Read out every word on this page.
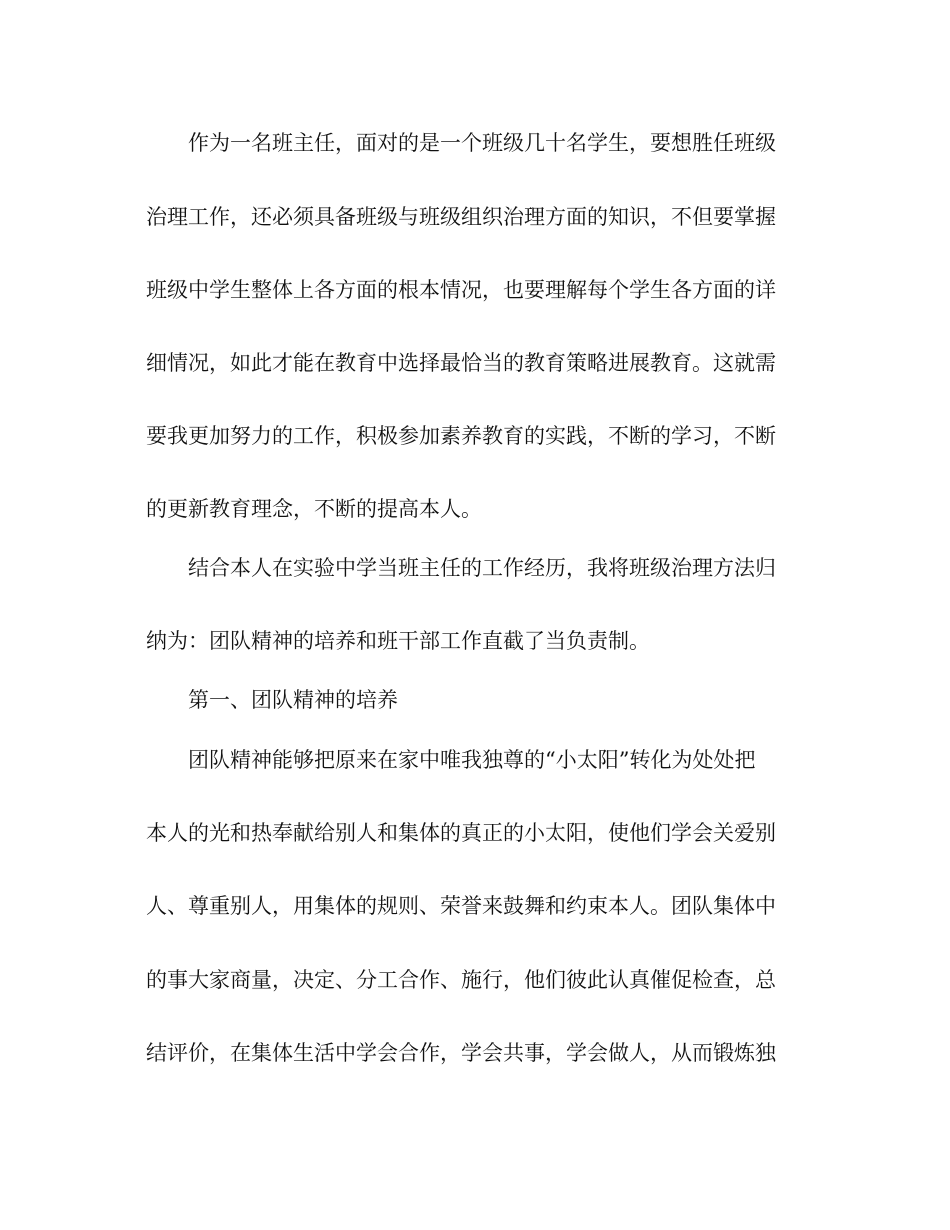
作为一名班主任，面对的是一个班级几十名学生，要想胜任班级
治理工作，还必须具备班级与班级组织治理方面的知识，不但要掌握
班级中学生整体上各方面的根本情况，也要理解每个学生各方面的详
细情况，如此才能在教育中选择最恰当的教育策略进展教育。这就需
要我更加努力的工作，积极参加素养教育的实践，不断的学习，不断
的更新教育理念，不断的提高本人。
结合本人在实验中学当班主任的工作经历，我将班级治理方法归
纳为：团队精神的培养和班干部工作直截了当负责制。
第一、团队精神的培养
团队精神能够把原来在家中唯我独尊的“小太阳”转化为处处把
本人的光和热奉献给别人和集体的真正的小太阳，使他们学会关爱别
人、尊重别人，用集体的规则、荣誉来鼓舞和约束本人。团队集体中
的事大家商量，决定、分工合作、施行，他们彼此认真催促检查，总
结评价，在集体生活中学会合作，学会共事，学会做人，从而锻炼独
